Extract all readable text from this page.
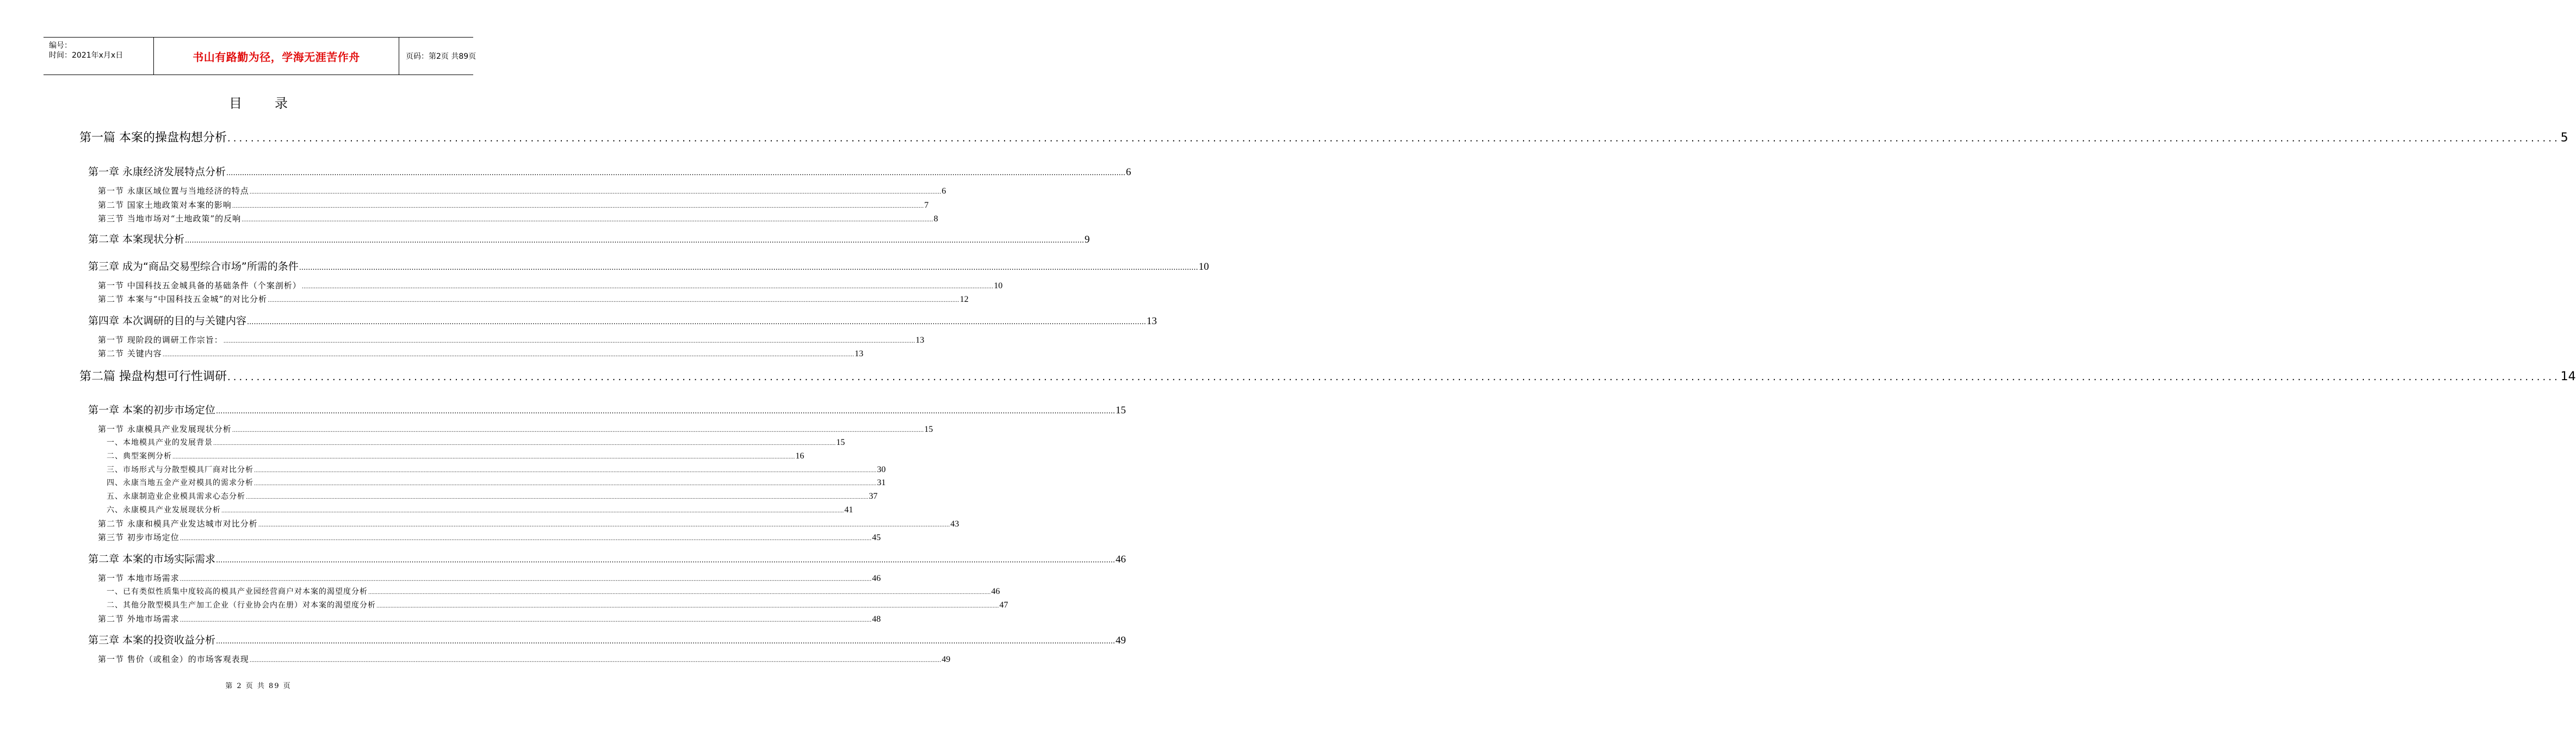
编号：
时间：2021年x月x日	书山有路勤为径，学海无涯苦作舟	页码：第2页 共89页
目录
第一篇 本案的操盘构想分析 ................................................................................................................................................................................................................................................................................................................................................................................................................ 5
第一章 永康经济发展特点分析 ................................................................................................................................................................................................................................................................................................................................................................................................................ 6
第一节 永康区域位置与当地经济的特点 ................................................................................................................................................................................................................................................................................................................................................................................................................ 6
第二节 国家土地政策对本案的影响 ................................................................................................................................................................................................................................................................................................................................................................................................................ 7
第三节 当地市场对“土地政策”的反响 ................................................................................................................................................................................................................................................................................................................................................................................................................ 8
第二章 本案现状分析 ................................................................................................................................................................................................................................................................................................................................................................................................................ 9
第三章 成为“商品交易型综合市场”所需的条件 ................................................................................................................................................................................................................................................................................................................................................................................................................ 10
第一节 中国科技五金城具备的基础条件（个案剖析） ................................................................................................................................................................................................................................................................................................................................................................................................................ 10
第二节 本案与“中国科技五金城”的对比分析 ................................................................................................................................................................................................................................................................................................................................................................................................................ 12
第四章 本次调研的目的与关键内容 ................................................................................................................................................................................................................................................................................................................................................................................................................ 13
第一节 现阶段的调研工作宗旨： ................................................................................................................................................................................................................................................................................................................................................................................................................ 13
第二节 关键内容 ................................................................................................................................................................................................................................................................................................................................................................................................................ 13
第二篇 操盘构想可行性调研 ................................................................................................................................................................................................................................................................................................................................................................................................................ 14
第一章 本案的初步市场定位 ................................................................................................................................................................................................................................................................................................................................................................................................................ 15
第一节 永康模具产业发展现状分析 ................................................................................................................................................................................................................................................................................................................................................................................................................ 15
一、本地模具产业的发展背景 ................................................................................................................................................................................................................................................................................................................................................................................................................ 15
二、典型案例分析 ................................................................................................................................................................................................................................................................................................................................................................................................................ 16
三、市场形式与分散型模具厂商对比分析 ................................................................................................................................................................................................................................................................................................................................................................................................................ 30
四、永康当地五金产业对模具的需求分析 ................................................................................................................................................................................................................................................................................................................................................................................................................ 31
五、永康制造业企业模具需求心态分析 ................................................................................................................................................................................................................................................................................................................................................................................................................ 37
六、永康模具产业发展现状分析 ................................................................................................................................................................................................................................................................................................................................................................................................................ 41
第二节 永康和模具产业发达城市对比分析 ................................................................................................................................................................................................................................................................................................................................................................................................................ 43
第三节 初步市场定位 ................................................................................................................................................................................................................................................................................................................................................................................................................ 45
第二章 本案的市场实际需求 ................................................................................................................................................................................................................................................................................................................................................................................................................ 46
第一节 本地市场需求 ................................................................................................................................................................................................................................................................................................................................................................................................................ 46
一、已有类似性质集中度较高的模具产业园经营商户对本案的渴望度分析 ................................................................................................................................................................................................................................................................................................................................................................................................................ 46
二、其他分散型模具生产加工企业（行业协会内在册）对本案的渴望度分析 ................................................................................................................................................................................................................................................................................................................................................................................................................ 47
第二节 外地市场需求 ................................................................................................................................................................................................................................................................................................................................................................................................................ 48
第三章 本案的投资收益分析 ................................................................................................................................................................................................................................................................................................................................................................................................................ 49
第一节 售价（或租金）的市场客观表现 ................................................................................................................................................................................................................................................................................................................................................................................................................ 49
第 2 页 共 89 页
